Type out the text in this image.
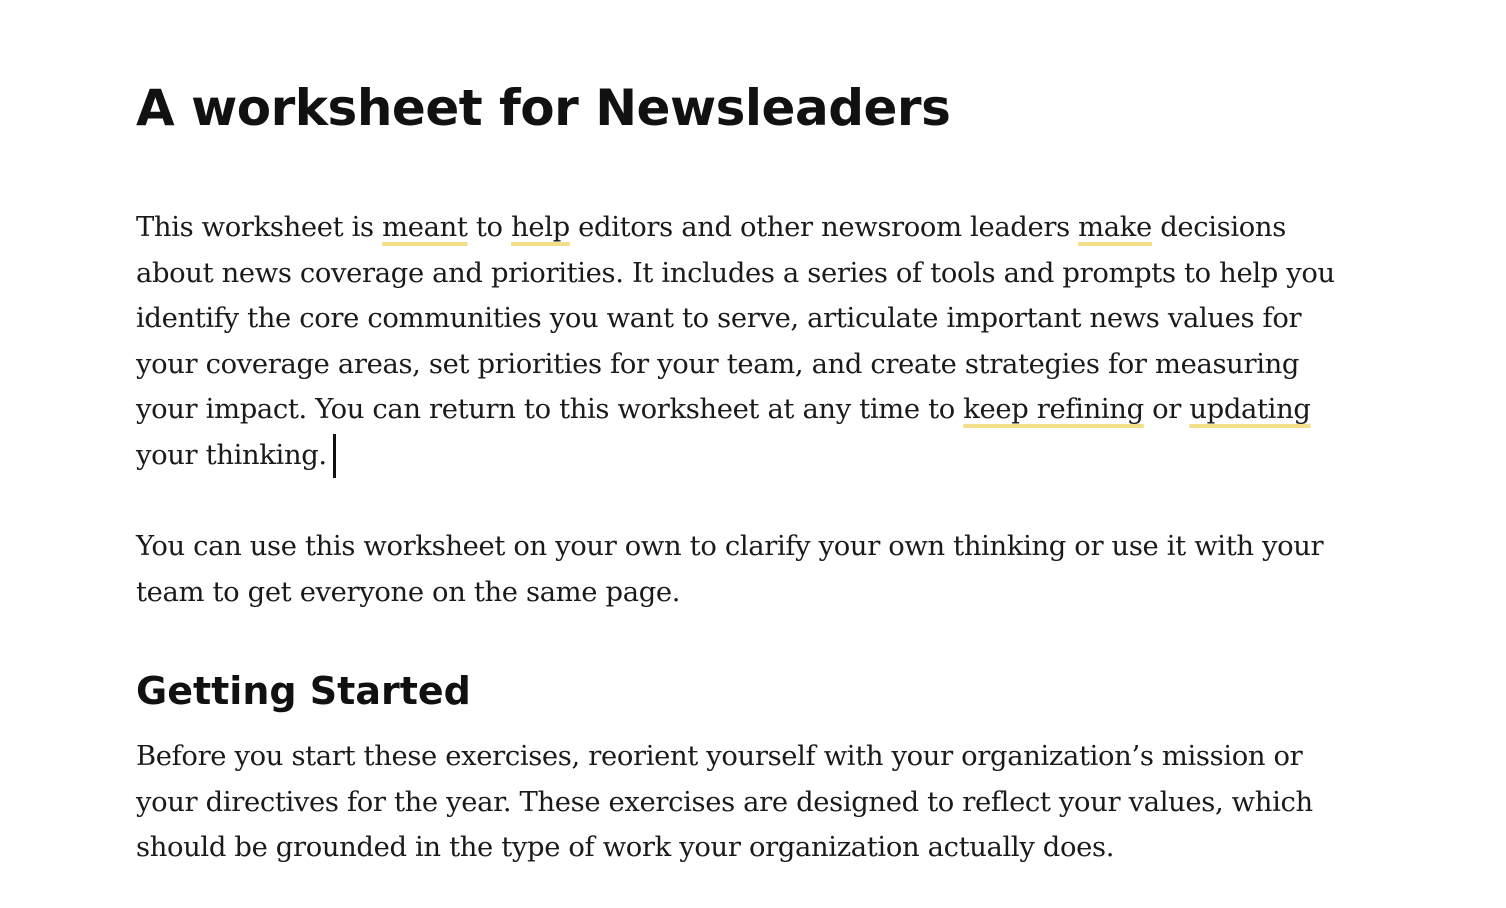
A worksheet for Newsleaders

This worksheet is meant to help editors and other newsroom leaders make decisions
about news coverage and priorities. It includes a series of tools and prompts to help you
identify the core communities you want to serve, articulate important news values for
your coverage areas, set priorities for your team, and create strategies for measuring
your impact. You can return to this worksheet at any time to keep refining or updating
your thinking.

You can use this worksheet on your own to clarify your own thinking or use it with your
team to get everyone on the same page.

Getting Started

Before you start these exercises, reorient yourself with your organization’s mission or
your directives for the year. These exercises are designed to reflect your values, which
should be grounded in the type of work your organization actually does.
